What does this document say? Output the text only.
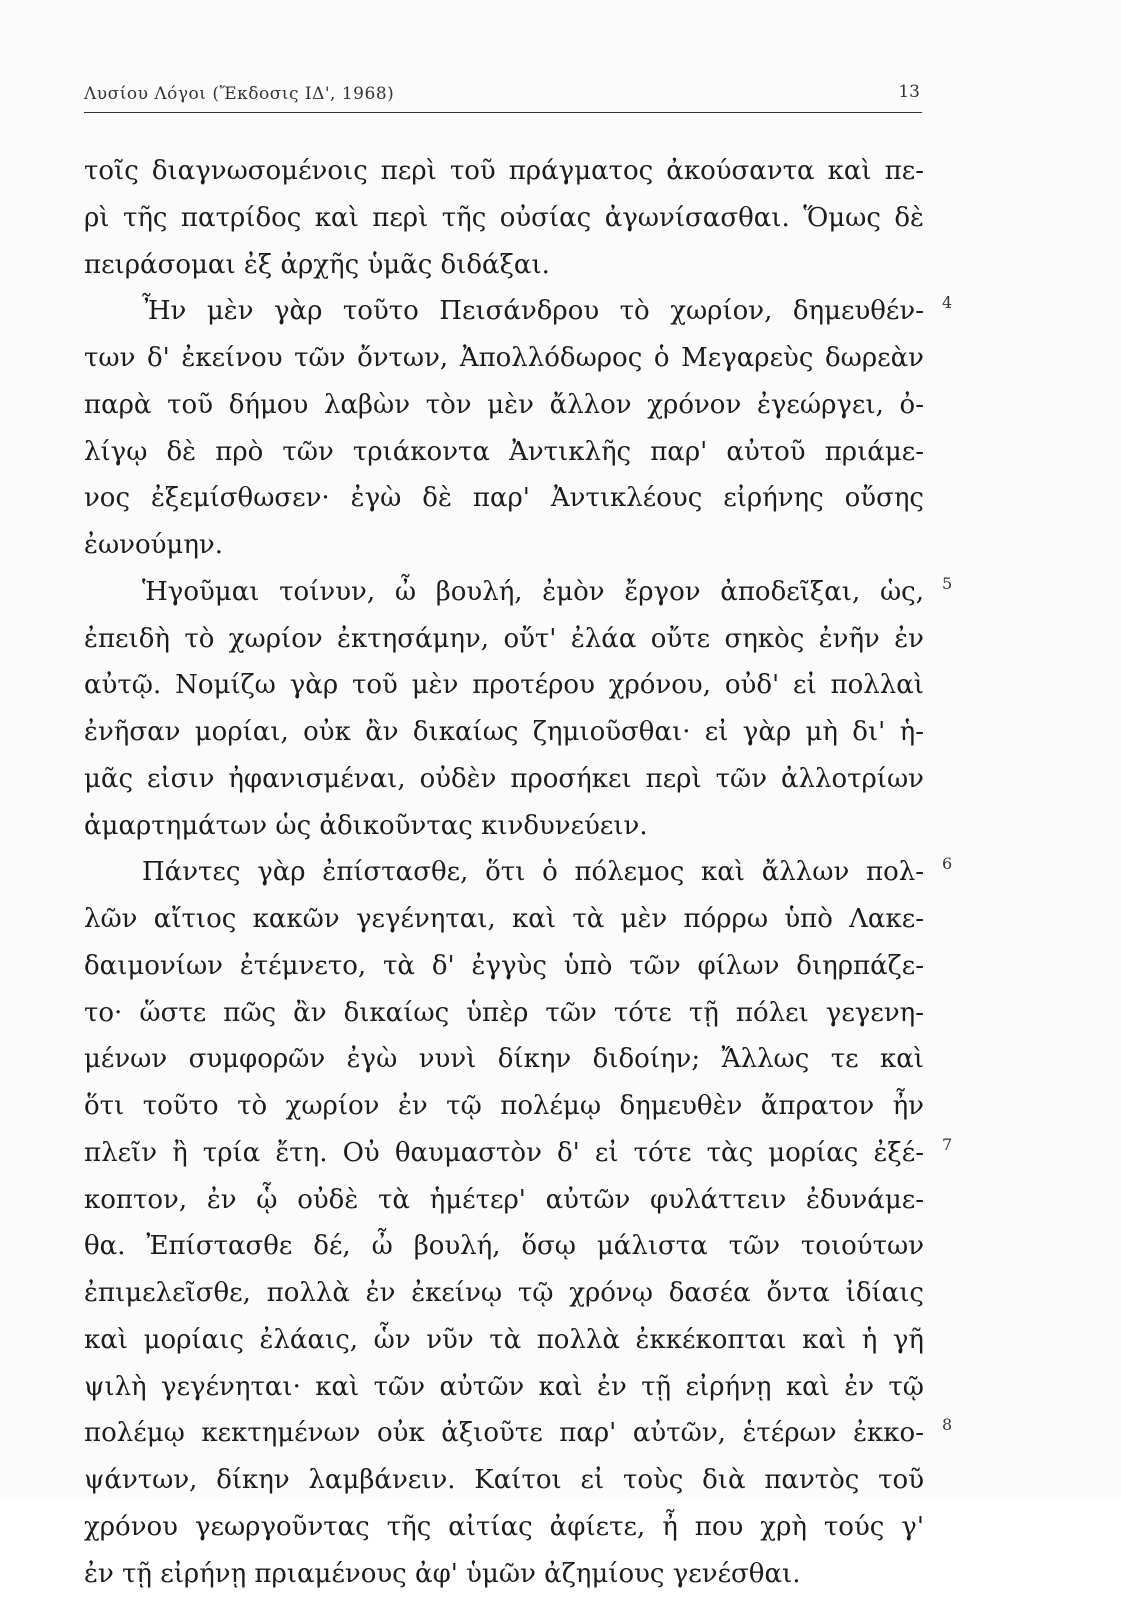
Λυσίου Λόγοι (Ἔκδοσις ΙΔ', 1968)	13
τοῖς διαγνωσομένοις περὶ τοῦ πράγματος ἀκούσαντα καὶ πε-
ρὶ τῆς πατρίδος καὶ περὶ τῆς οὐσίας ἀγωνίσασθαι. Ὅμως δὲ
πειράσομαι ἐξ ἀρχῆς ὑμᾶς διδάξαι.
Ἦν μὲν γὰρ τοῦτο Πεισάνδρου τὸ χωρίον, δημευθέν- 4
των δ' ἐκείνου τῶν ὄντων, Ἀπολλόδωρος ὁ Μεγαρεὺς δωρεὰν
παρὰ τοῦ δήμου λαβὼν τὸν μὲν ἄλλον χρόνον ἐγεώργει, ὀ-
λίγῳ δὲ πρὸ τῶν τριάκοντα Ἀντικλῆς παρ' αὐτοῦ πριάμε-
νος ἐξεμίσθωσεν· ἐγὼ δὲ παρ' Ἀντικλέους εἰρήνης οὔσης
ἐωνούμην.
Ἡγοῦμαι τοίνυν, ὦ βουλή, ἐμὸν ἔργον ἀποδεῖξαι, ὡς, 5
ἐπειδὴ τὸ χωρίον ἐκτησάμην, οὔτ' ἐλάα οὔτε σηκὸς ἐνῆν ἐν
αὐτῷ. Νομίζω γὰρ τοῦ μὲν προτέρου χρόνου, οὐδ' εἰ πολλαὶ
ἐνῆσαν μορίαι, οὐκ ἂν δικαίως ζημιοῦσθαι· εἰ γὰρ μὴ δι' ἡ-
μᾶς εἰσιν ἠφανισμέναι, οὐδὲν προσήκει περὶ τῶν ἀλλοτρίων
ἁμαρτημάτων ὡς ἀδικοῦντας κινδυνεύειν.
Πάντες γὰρ ἐπίστασθε, ὅτι ὁ πόλεμος καὶ ἄλλων πολ- 6
λῶν αἴτιος κακῶν γεγένηται, καὶ τὰ μὲν πόρρω ὑπὸ Λακε-
δαιμονίων ἐτέμνετο, τὰ δ' ἐγγὺς ὑπὸ τῶν φίλων διηρπάζε-
το· ὥστε πῶς ἂν δικαίως ὑπὲρ τῶν τότε τῇ πόλει γεγενη-
μένων συμφορῶν ἐγὼ νυνὶ δίκην διδοίην; Ἄλλως τε καὶ
ὅτι τοῦτο τὸ χωρίον ἐν τῷ πολέμῳ δημευθὲν ἄπρατον ἦν
πλεῖν ἢ τρία ἔτη. Οὐ θαυμαστὸν δ' εἰ τότε τὰς μορίας ἐξέ- 7
κοπτον, ἐν ᾧ οὐδὲ τὰ ἡμέτερ' αὐτῶν φυλάττειν ἐδυνάμε-
θα. Ἐπίστασθε δέ, ὦ βουλή, ὅσῳ μάλιστα τῶν τοιούτων
ἐπιμελεῖσθε, πολλὰ ἐν ἐκείνῳ τῷ χρόνῳ δασέα ὄντα ἰδίαις
καὶ μορίαις ἐλάαις, ὧν νῦν τὰ πολλὰ ἐκκέκοπται καὶ ἡ γῆ
ψιλὴ γεγένηται· καὶ τῶν αὐτῶν καὶ ἐν τῇ εἰρήνῃ καὶ ἐν τῷ
πολέμῳ κεκτημένων οὐκ ἀξιοῦτε παρ' αὐτῶν, ἑτέρων ἐκκο- 8
ψάντων, δίκην λαμβάνειν. Καίτοι εἰ τοὺς διὰ παντὸς τοῦ
χρόνου γεωργοῦντας τῆς αἰτίας ἀφίετε, ἦ που χρὴ τούς γ'
ἐν τῇ εἰρήνῃ πριαμένους ἀφ' ὑμῶν ἀζημίους γενέσθαι.
